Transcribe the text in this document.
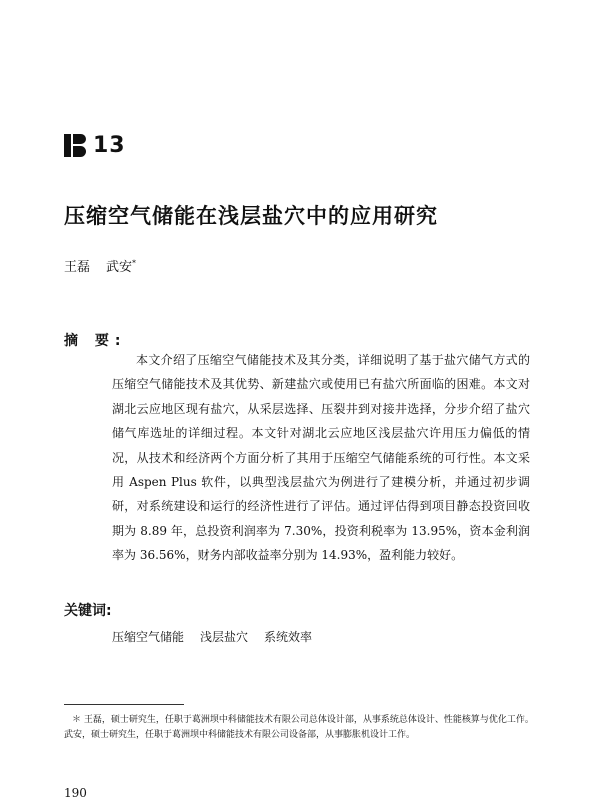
13
压缩空气储能在浅层盐穴中的应用研究
王磊 武安*
摘 要:

本文介绍了压缩空气储能技术及其分类，详细说明了基于盐穴储气方式的压缩空气储能技术及其优势、新建盐穴或使用已有盐穴所面临的困难。本文对湖北云应地区现有盐穴，从采层选择、压裂井到对接井选择，分步介绍了盐穴储气库选址的详细过程。本文针对湖北云应地区浅层盐穴许用压力偏低的情况，从技术和经济两个方面分析了其用于压缩空气储能系统的可行性。本文采用 Aspen Plus 软件，以典型浅层盐穴为例进行了建模分析，并通过初步调研，对系统建设和运行的经济性进行了评估。通过评估得到项目静态投资回收期为 8.89 年，总投资利润率为 7.30%，投资利税率为 13.95%，资本金利润率为 36.56%，财务内部收益率分别为 14.93%，盈利能力较好。

关键词:
压缩空气储能 浅层盐穴 系统效率

＊ 王磊，硕士研究生，任职于葛洲坝中科储能技术有限公司总体设计部，从事系统总体设计、性能核算与优化工作。武安，硕士研究生，任职于葛洲坝中科储能技术有限公司设备部，从事膨胀机设计工作。

190
